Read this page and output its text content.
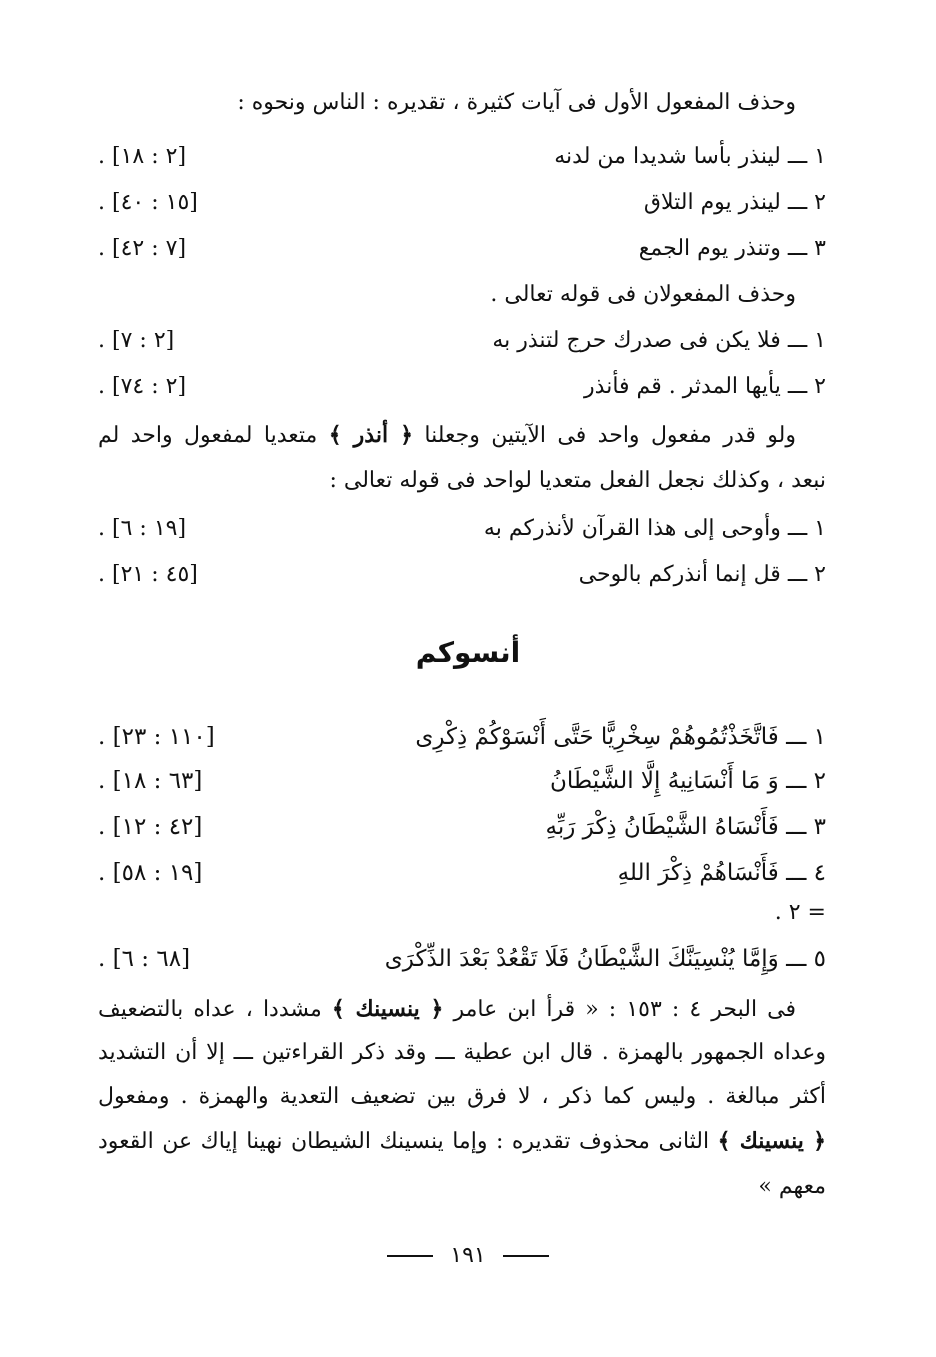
وحذف المفعول الأول فى آيات كثيرة ، تقديره : الناس ونحوه :
١ ـــ لينذر بأسا شديدا من لدنه
. [٢ : ١٨]
٢ ـــ لينذر يوم التلاق
. [١٥ : ٤٠]
٣ ـــ وتنذر يوم الجمع
. [٧ : ٤٢]
وحذف المفعولان فى قوله تعالى .
١ ـــ فلا يكن فى صدرك حرج لتنذر به
. [٢ : ٧]
٢ ـــ يأيها المدثر . قم فأنذر
. [٢ : ٧٤]
ولو قدر مفعول واحد فى الآيتين وجعلنا ﴿ أنذر ﴾ متعديا لمفعول واحد لم
نبعد ، وكذلك نجعل الفعل متعديا لواحد فى قوله تعالى :
١ ـــ وأوحى إلى هذا القرآن لأنذركم به
. [١٩ : ٦]
٢ ـــ قل إنما أنذركم بالوحى
. [٤٥ : ٢١]
أنسوكم
١ ـــ فَاتَّخَذْتُمُوهُمْ سِخْرِيًّا حَتَّى أَنْسَوْكُمْ ذِكْرِى
. [١١٠ : ٢٣]
٢ ـــ وَ مَا أَنْسَانِيهُ إِلَّا الشَّيْطَانُ
. [٦٣ : ١٨]
٣ ـــ فَأَنْسَاهُ الشَّيْطَانُ ذِكْرَ رَبِّهِ
. [٤٢ : ١٢]
٤ ـــ فَأَنْسَاهُمْ ذِكْرَ اللهِ
. [١٩ : ٥٨]
= ٢ .
٥ ـــ وَإِمَّا يُنْسِيَنَّكَ الشَّيْطَانُ فَلَا تَقْعُدْ بَعْدَ الذِّكْرَى
. [٦٨ : ٦]
فى البحر ٤ : ١٥٣ : « قرأ ابن عامر ﴿ ينسينك ﴾ مشددا ، عداه بالتضعيف
وعداه الجمهور بالهمزة . قال ابن عطية ـــ وقد ذكر القراءتين ـــ إلا أن التشديد
أكثر مبالغة . وليس كما ذكر ، لا فرق بين تضعيف التعدية والهمزة . ومفعول
﴿ ينسينك ﴾ الثانى محذوف تقديره : وإما ينسينك الشيطان نهينا إياك عن القعود
معهم »
١٩١
